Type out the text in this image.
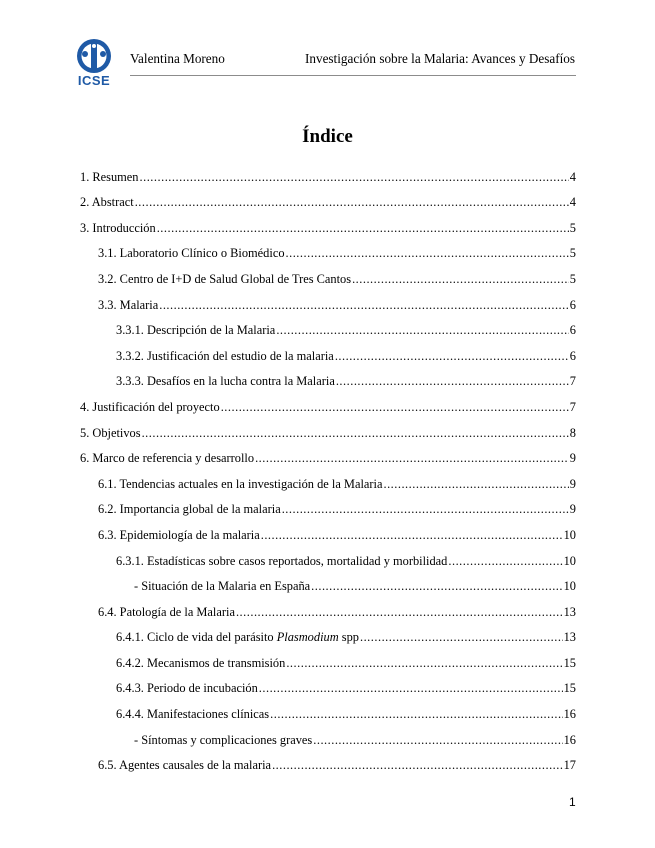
ICSE
Valentina Moreno	Investigación sobre la Malaria: Avances y Desafíos
Índice
1. Resumen .....	4
2. Abstract .....	4
3. Introducción .....	5
3.1. Laboratorio Clínico o Biomédico .....	5
3.2. Centro de I+D de Salud Global de Tres Cantos .....	5
3.3. Malaria .....	6
3.3.1. Descripción de la Malaria .....	6
3.3.2. Justificación del estudio de la malaria .....	6
3.3.3. Desafíos en la lucha contra la Malaria .....	7
4. Justificación del proyecto .....	7
5. Objetivos .....	8
6. Marco de referencia y desarrollo .....	9
6.1. Tendencias actuales en la investigación de la Malaria .....	9
6.2. Importancia global de la malaria .....	9
6.3. Epidemiología de la malaria .....	10
6.3.1. Estadísticas sobre casos reportados, mortalidad y morbilidad .....	10
- Situación de la Malaria en España .....	10
6.4. Patología de la Malaria .....	13
6.4.1. Ciclo de vida del parásito Plasmodium spp .....	13
6.4.2. Mecanismos de transmisión .....	15
6.4.3. Periodo de incubación .....	15
6.4.4. Manifestaciones clínicas .....	16
- Síntomas y complicaciones graves .....	16
6.5. Agentes causales de la malaria .....	17
1
